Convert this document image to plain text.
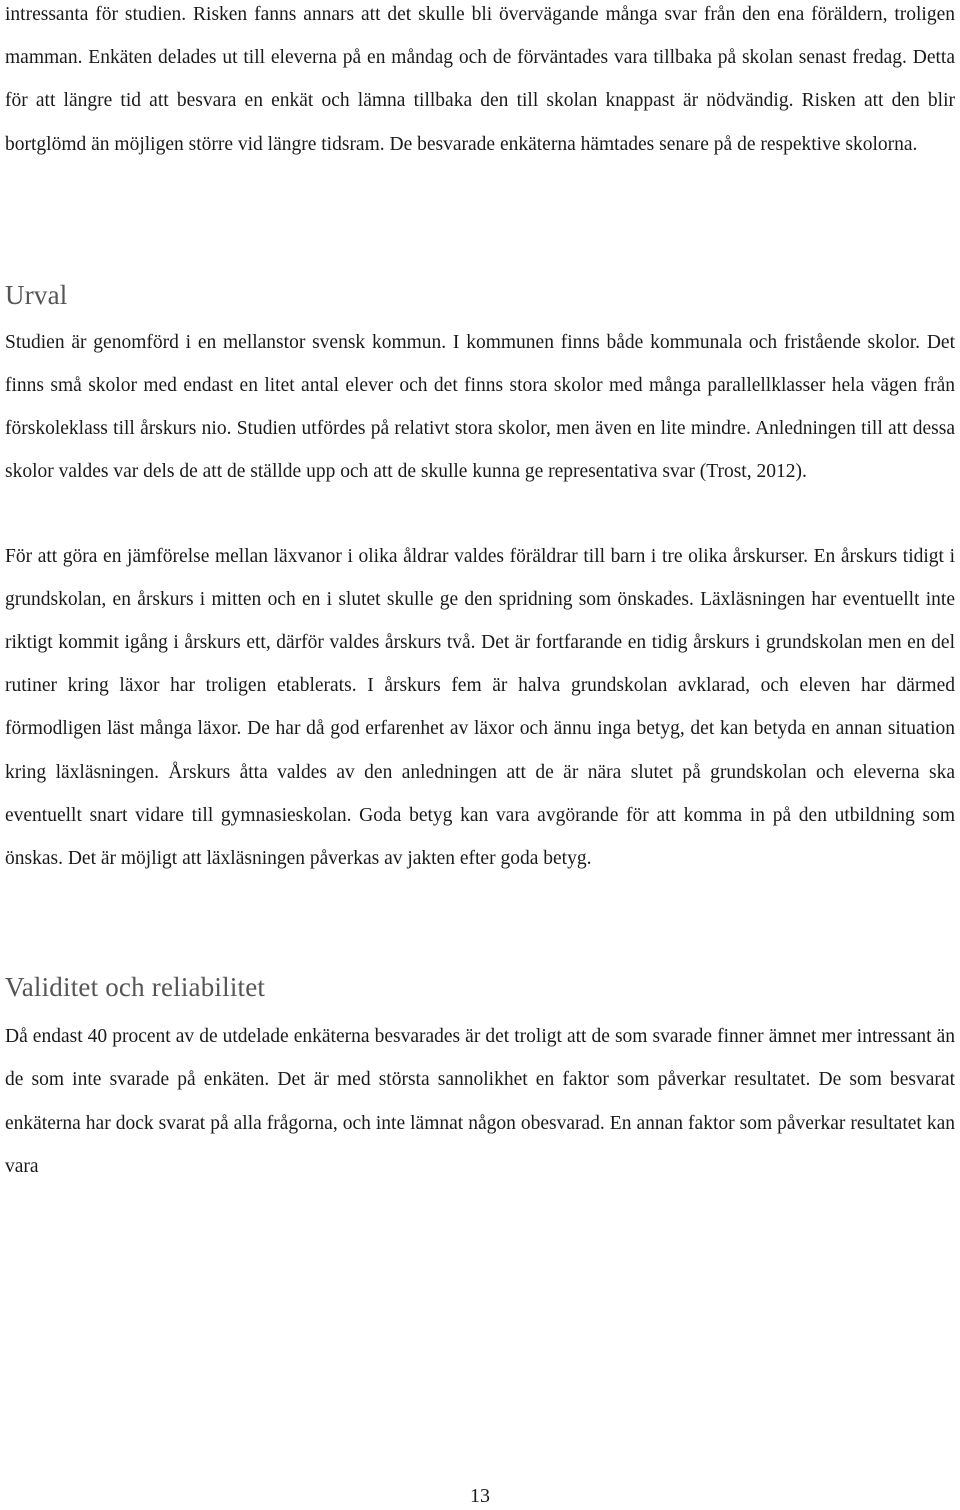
intressanta för studien. Risken fanns annars att det skulle bli övervägande många svar från den ena föräldern, troligen mamman. Enkäten delades ut till eleverna på en måndag och de förväntades vara tillbaka på skolan senast fredag. Detta för att längre tid att besvara en enkät och lämna tillbaka den till skolan knappast är nödvändig. Risken att den blir bortglömd än möjligen större vid längre tidsram. De besvarade enkäterna hämtades senare på de respektive skolorna.

Urval

Studien är genomförd i en mellanstor svensk kommun. I kommunen finns både kommunala och fristående skolor. Det finns små skolor med endast en litet antal elever och det finns stora skolor med många parallellklasser hela vägen från förskoleklass till årskurs nio. Studien utfördes på relativt stora skolor, men även en lite mindre. Anledningen till att dessa skolor valdes var dels de att de ställde upp och att de skulle kunna ge representativa svar (Trost, 2012).

För att göra en jämförelse mellan läxvanor i olika åldrar valdes föräldrar till barn i tre olika årskurser. En årskurs tidigt i grundskolan, en årskurs i mitten och en i slutet skulle ge den spridning som önskades. Läxläsningen har eventuellt inte riktigt kommit igång i årskurs ett, därför valdes årskurs två. Det är fortfarande en tidig årskurs i grundskolan men en del rutiner kring läxor har troligen etablerats. I årskurs fem är halva grundskolan avklarad, och eleven har därmed förmodligen läst många läxor. De har då god erfarenhet av läxor och ännu inga betyg, det kan betyda en annan situation kring läxläsningen. Årskurs åtta valdes av den anledningen att de är nära slutet på grundskolan och eleverna ska eventuellt snart vidare till gymnasieskolan. Goda betyg kan vara avgörande för att komma in på den utbildning som önskas. Det är möjligt att läxläsningen påverkas av jakten efter goda betyg.

Validitet och reliabilitet

Då endast 40 procent av de utdelade enkäterna besvarades är det troligt att de som svarade finner ämnet mer intressant än de som inte svarade på enkäten. Det är med största sannolikhet en faktor som påverkar resultatet. De som besvarat enkäterna har dock svarat på alla frågorna, och inte lämnat någon obesvarad. En annan faktor som påverkar resultatet kan vara

13
